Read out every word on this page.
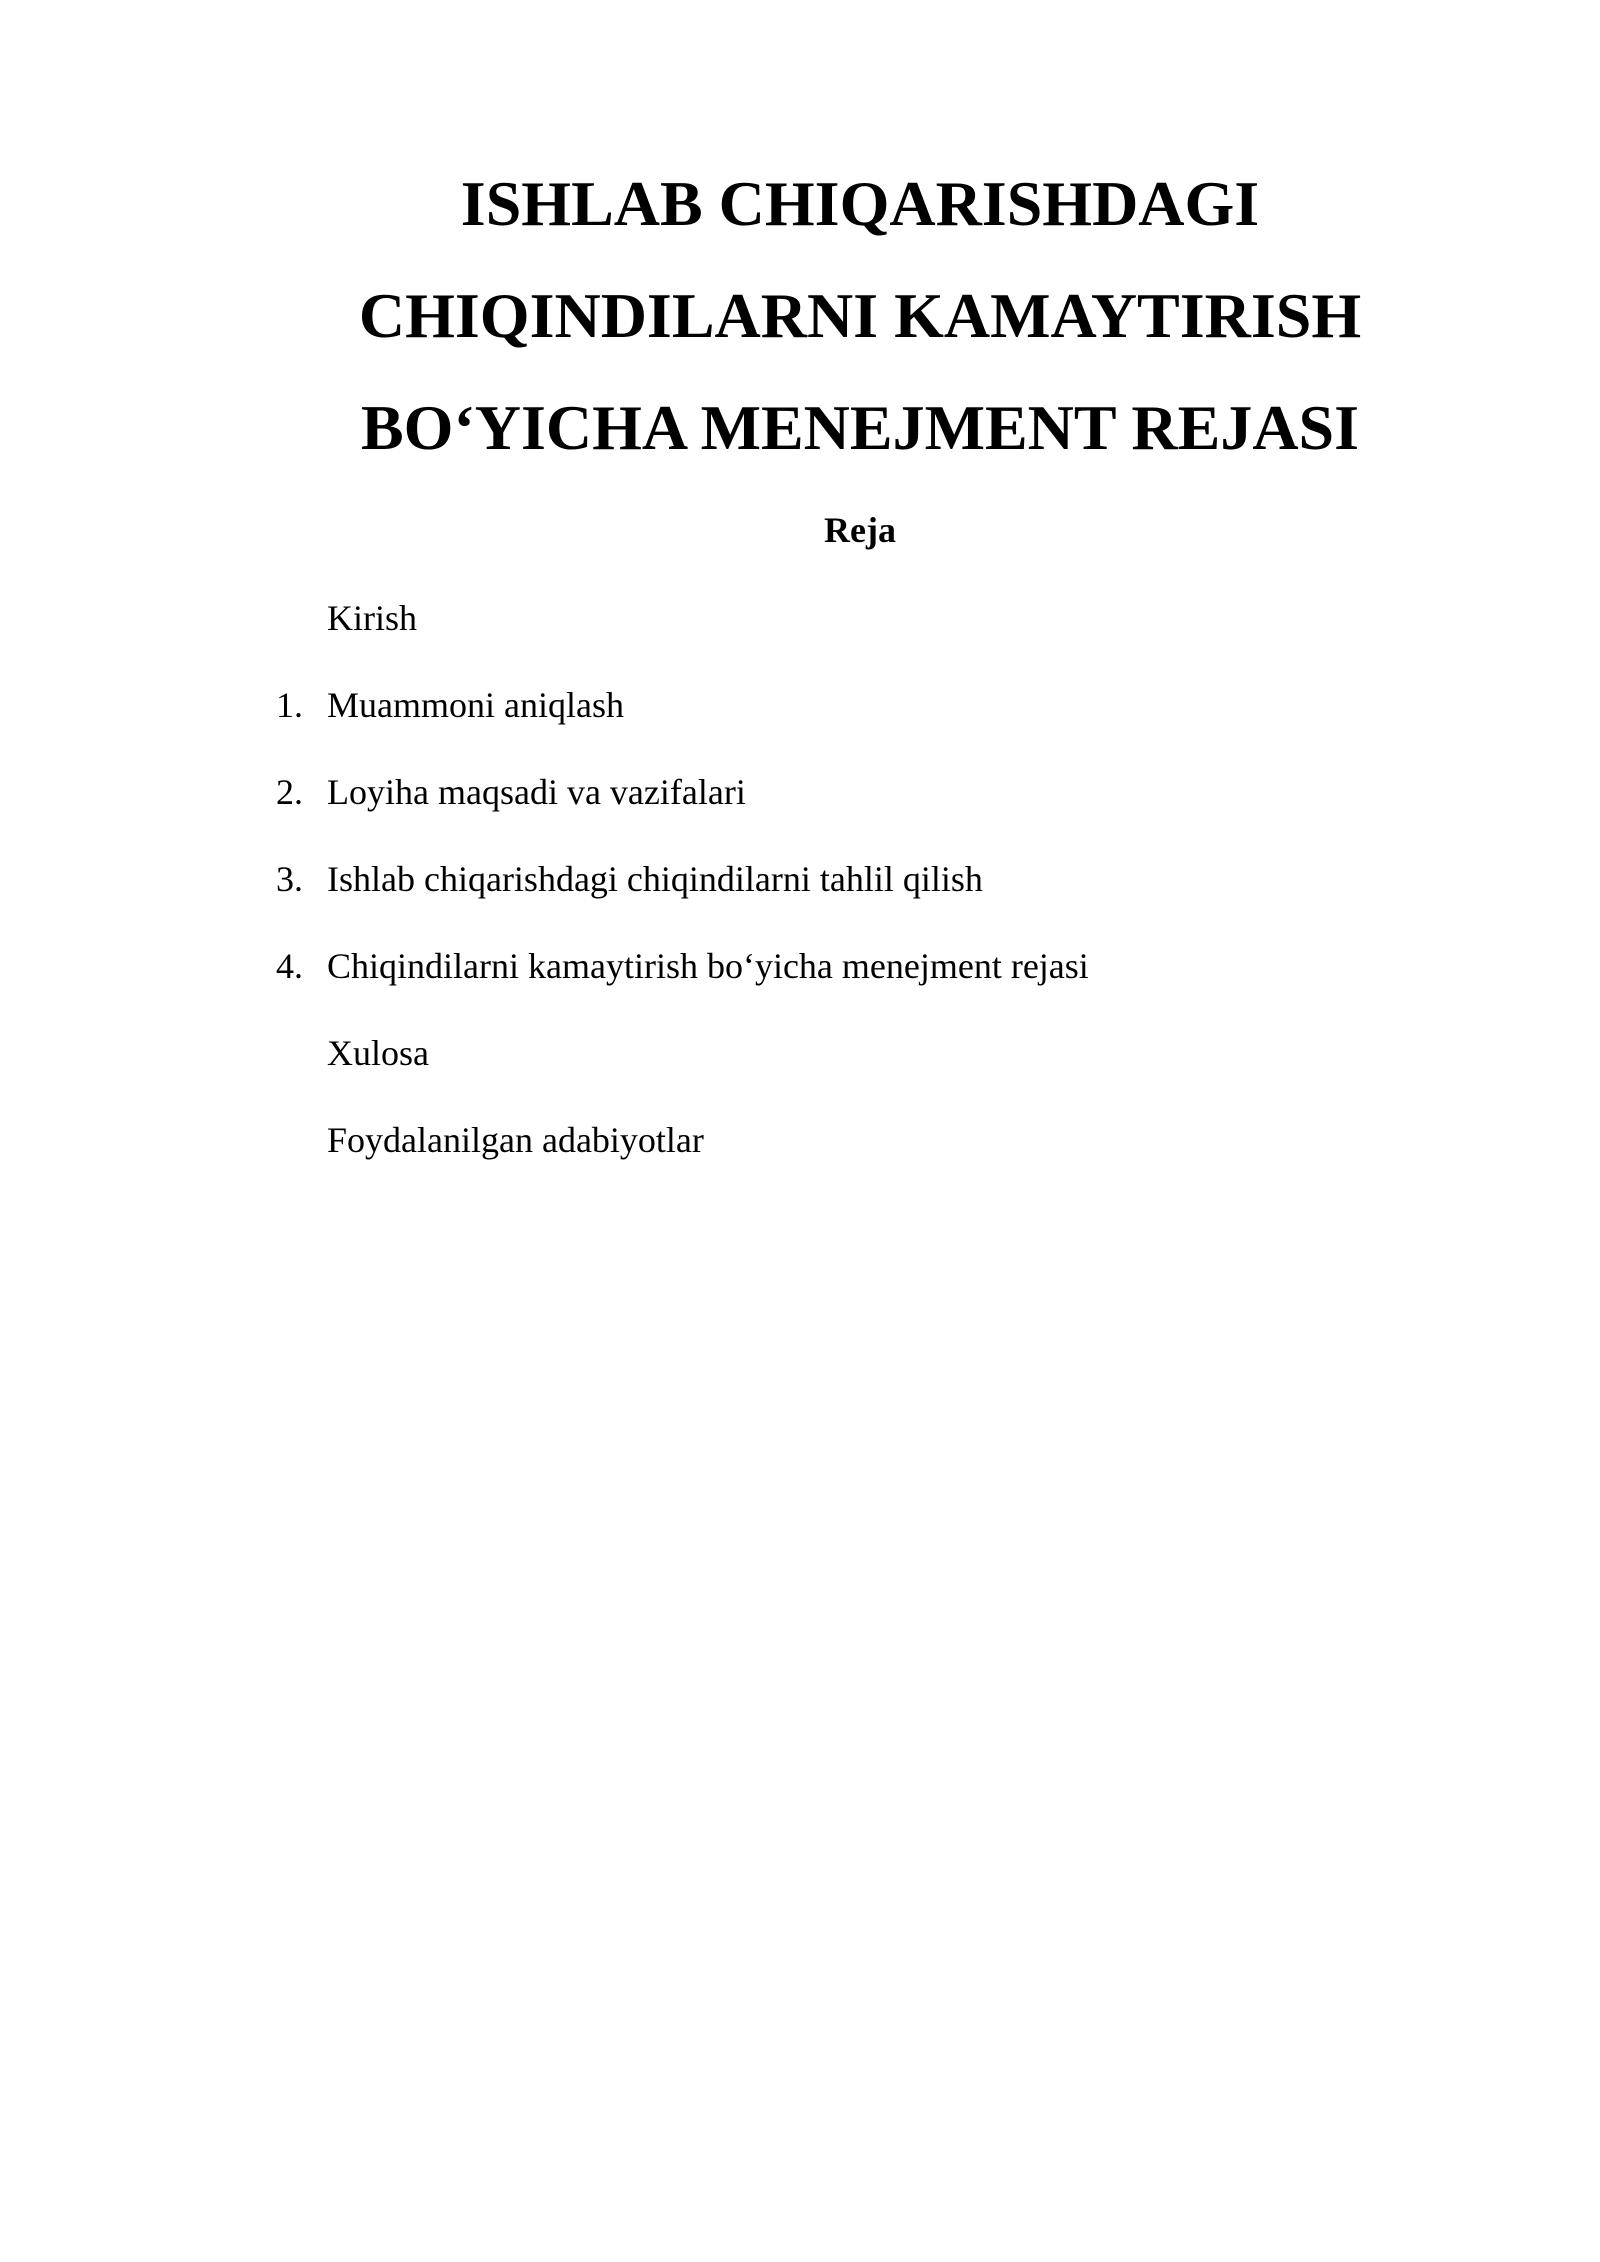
ISHLAB CHIQARISHDAGI
CHIQINDILARNI KAMAYTIRISH
BO‘YICHA MENEJMENT REJASI
Reja
Kirish
1. Muammoni aniqlash
2. Loyiha maqsadi va vazifalari
3. Ishlab chiqarishdagi chiqindilarni tahlil qilish
4. Chiqindilarni kamaytirish bo‘yicha menejment rejasi
Xulosa
Foydalanilgan adabiyotlar
